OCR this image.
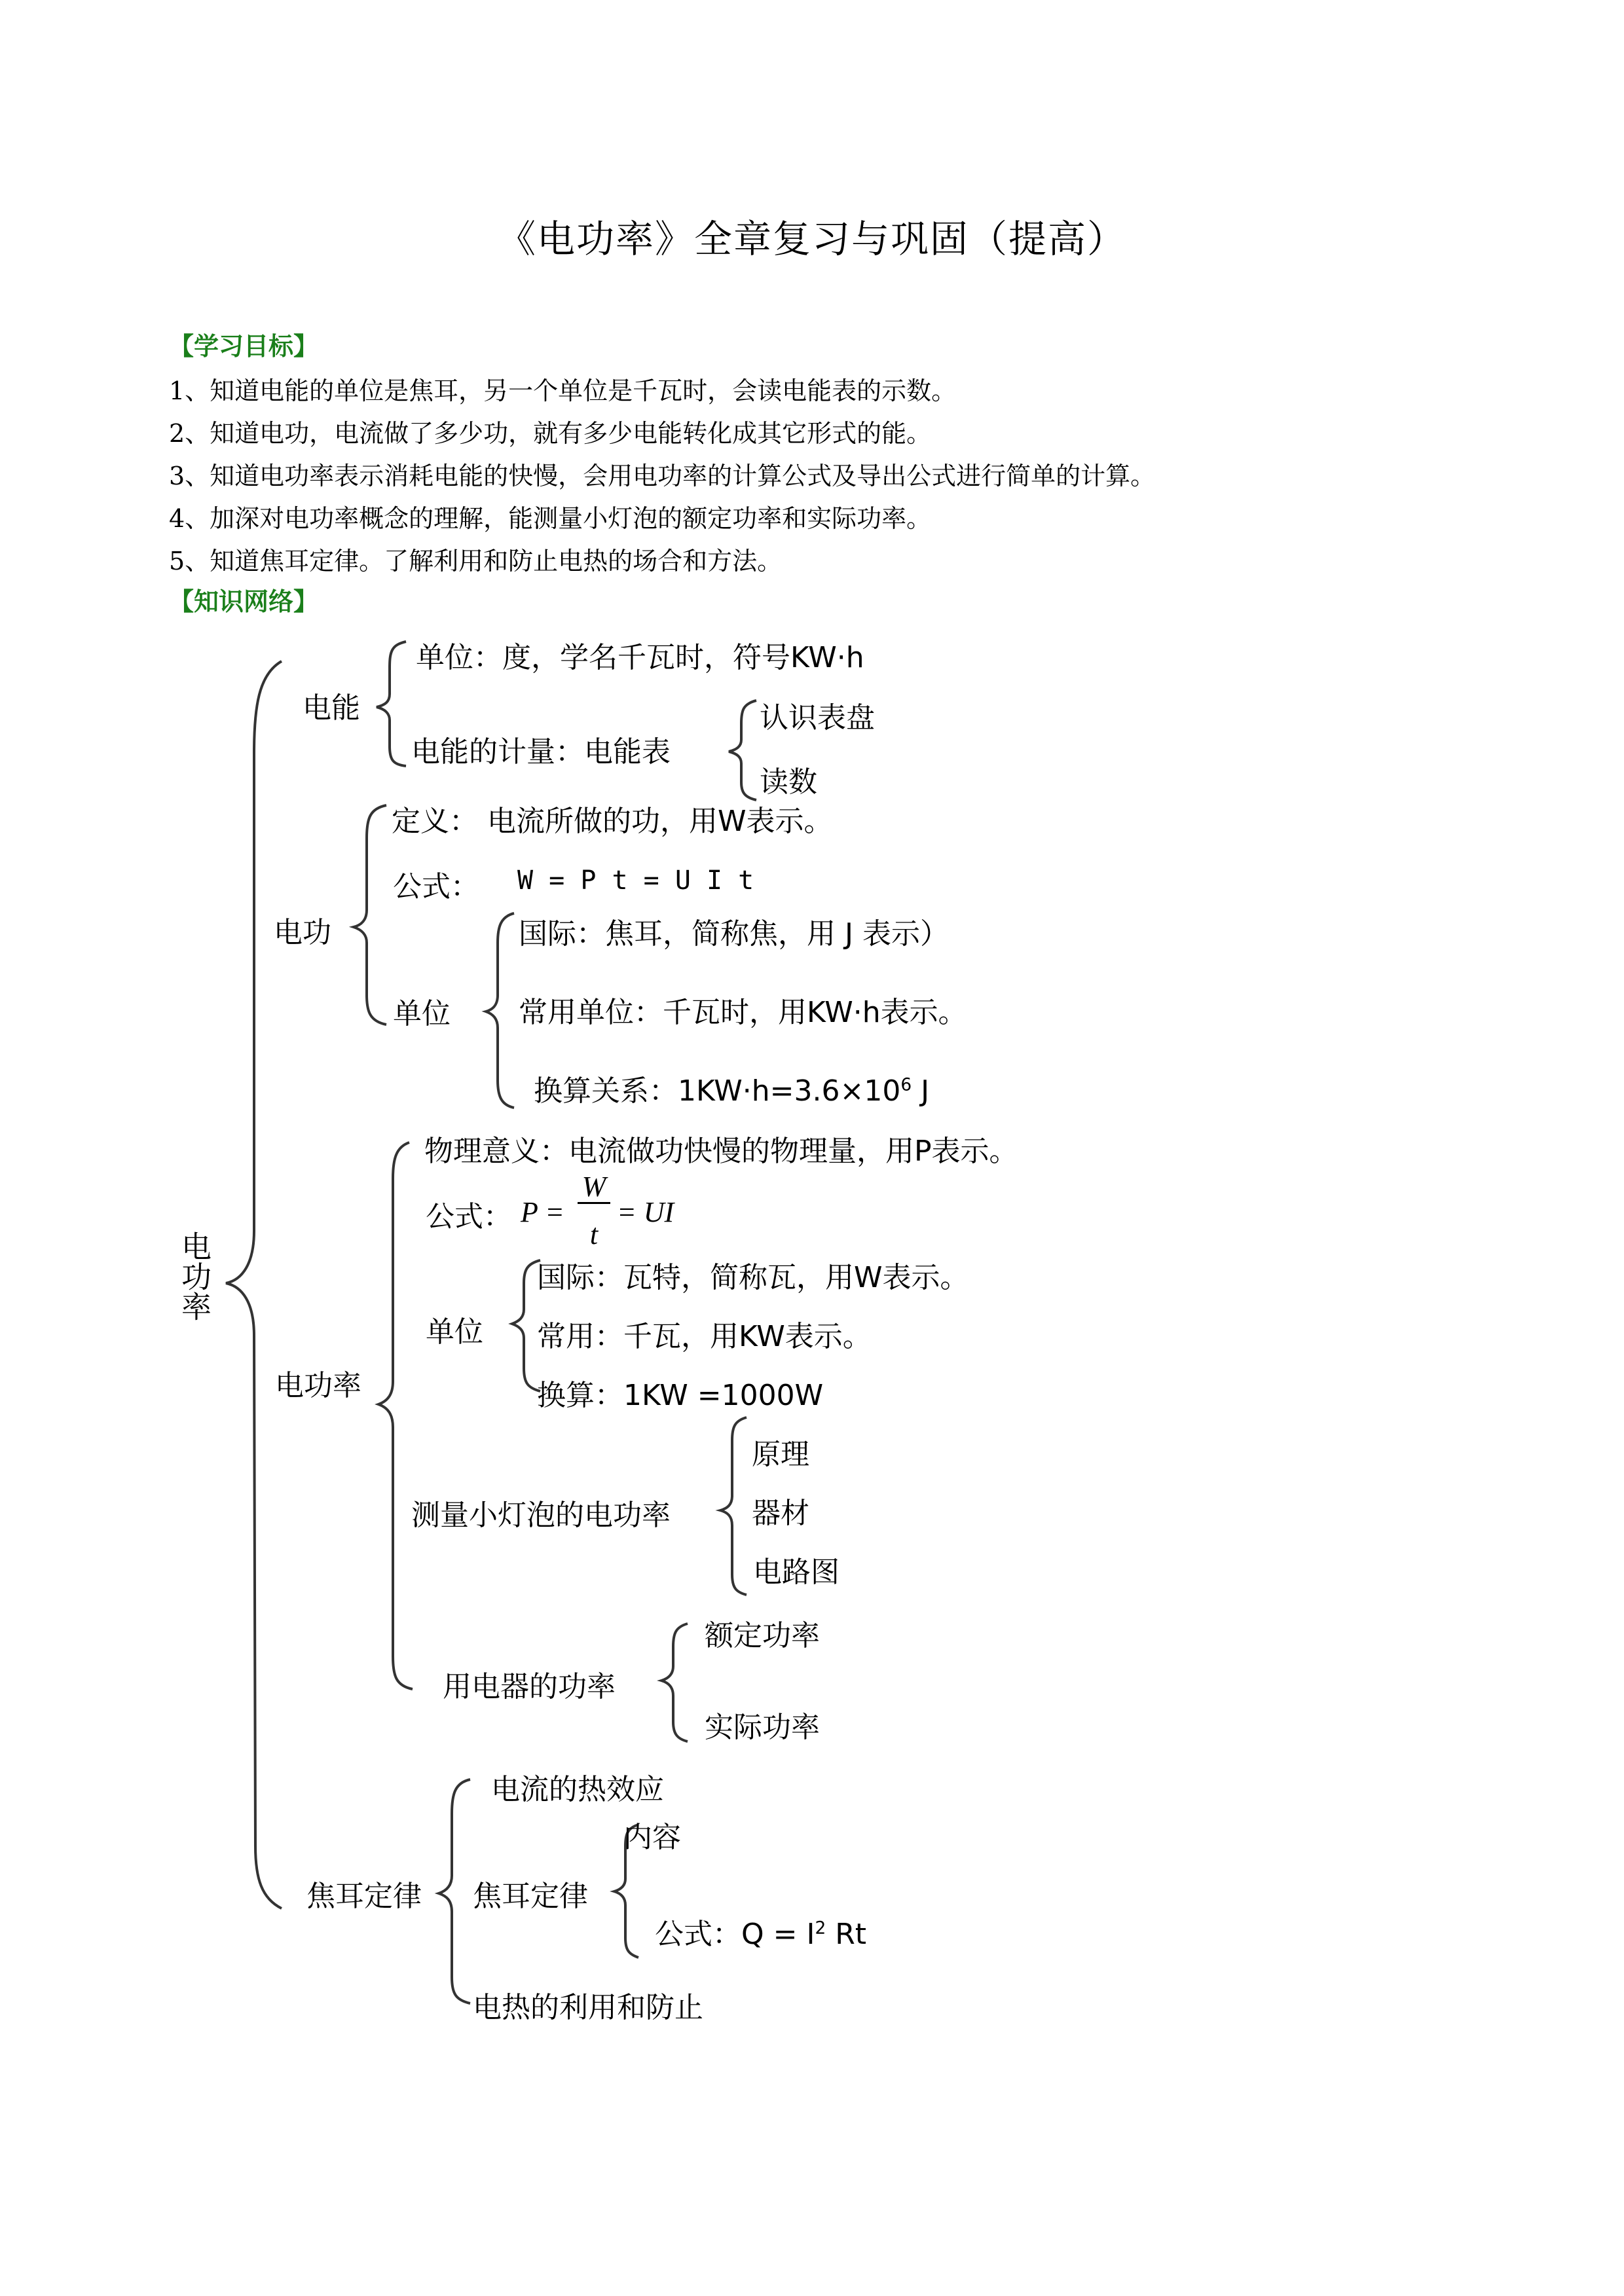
《电功率》全章复习与巩固（提高）
【学习目标】
1、知道电能的单位是焦耳，另一个单位是千瓦时，会读电能表的示数。
2、知道电功，电流做了多少功，就有多少电能转化成其它形式的能。
3、知道电功率表示消耗电能的快慢，会用电功率的计算公式及导出公式进行简单的计算。
4、加深对电功率概念的理解，能测量小灯泡的额定功率和实际功率。
5、知道焦耳定律。了解利用和防止电热的场合和方法。
【知识网络】
电功率
电能
单位：度，学名千瓦时，符号KW·h
电能的计量：电能表
认识表盘
读数
电功
定义： 电流所做的功，用W表示。
公式： W = P t = U I t
单位
国际：焦耳，简称焦，用 J 表示）
常用单位：千瓦时，用KW·h表示。
换算关系：$1KW\cdot h=3.6\times 10^6$ J
电功率
物理意义：电流做功快慢的物理量，用P表示。
公式： P =
W
t
= UI
单位
国际：瓦特，简称瓦，用W表示。
常用：千瓦，用KW表示。
换算：1KW =1000W
测量小灯泡的电功率
原理
器材
电路图
用电器的功率
额定功率
实际功率
焦耳定律
电流的热效应
焦耳定律
内容
公式：$Q = I^2$ Rt
电热的利用和防止
